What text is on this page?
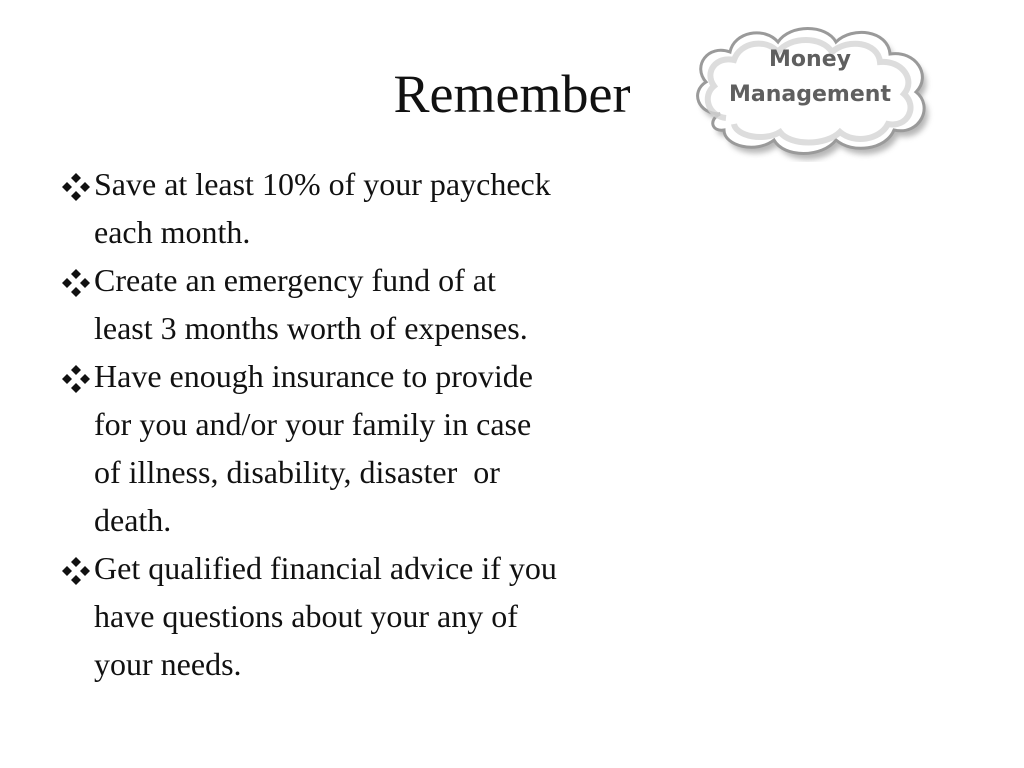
Remember
Money
Management
Save at least 10% of your paycheck
each month.
Create an emergency fund of at
least 3 months worth of expenses.
Have enough insurance to provide
for you and/or your family in case
of illness, disability, disaster  or
death.
Get qualified financial advice if you
have questions about your any of
your needs.
